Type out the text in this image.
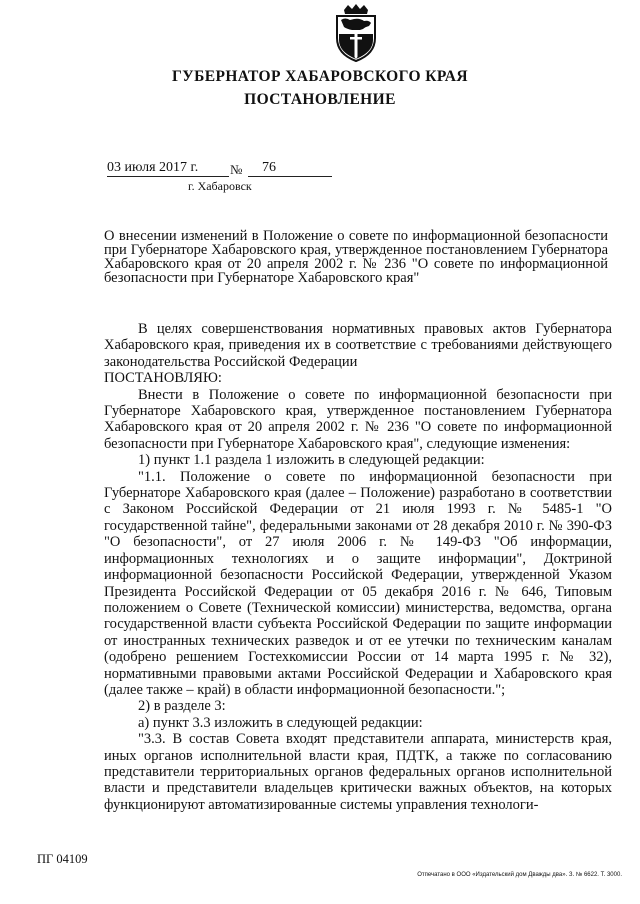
ГУБЕРНАТОР ХАБАРОВСКОГО КРАЯ
ПОСТАНОВЛЕНИЕ
03 июля 2017 г.	№	76
г. Хабаровск
О внесении изменений в Положение о совете по информационной безопасности при Губернаторе Хабаровского края, утвержденное постановлением Губернатора Хабаровского края от 20 апреля 2002 г. № 236 "О совете по информационной безопасности при Губернаторе Хабаровского края"

В целях совершенствования нормативных правовых актов Губернатора Хабаровского края, приведения их в соответствие с требованиями действующего законодательства Российской Федерации

ПОСТАНОВЛЯЮ:

Внести в Положение о совете по информационной безопасности при Губернаторе Хабаровского края, утвержденное постановлением Губернатора Хабаровского края от 20 апреля 2002 г. № 236 "О совете по информационной безопасности при Губернаторе Хабаровского края", следующие изменения:

1) пункт 1.1 раздела 1 изложить в следующей редакции:

"1.1. Положение о совете по информационной безопасности при Губернаторе Хабаровского края (далее – Положение) разработано в соответствии с Законом Российской Федерации от 21 июля 1993 г. № 5485-1 "О государственной тайне", федеральными законами от 28 декабря 2010 г. № 390-ФЗ "О безопасности", от 27 июля 2006 г. № 149-ФЗ "Об информации, информационных технологиях и о защите информации", Доктриной информационной безопасности Российской Федерации, утвержденной Указом Президента Российской Федерации от 05 декабря 2016 г. № 646, Типовым положением о Совете (Технической комиссии) министерства, ведомства, органа государственной власти субъекта Российской Федерации по защите информации от иностранных технических разведок и от ее утечки по техническим каналам (одобрено решением Гостехкомиссии России от 14 марта 1995 г. № 32), нормативными правовыми актами Российской Федерации и Хабаровского края (далее также – край) в области информационной безопасности.";

2) в разделе 3:

а) пункт 3.3 изложить в следующей редакции:

"3.3. В состав Совета входят представители аппарата, министерств края, иных органов исполнительной власти края, ПДТК, а также по согласованию представители территориальных органов федеральных органов исполнительной власти и представители владельцев критически важных объектов, на которых функционируют автоматизированные системы управления технологи-

ПГ 04109
Отпечатано в ООО «Издательский дом Дважды два». З. № 6622. Т. 3000.
